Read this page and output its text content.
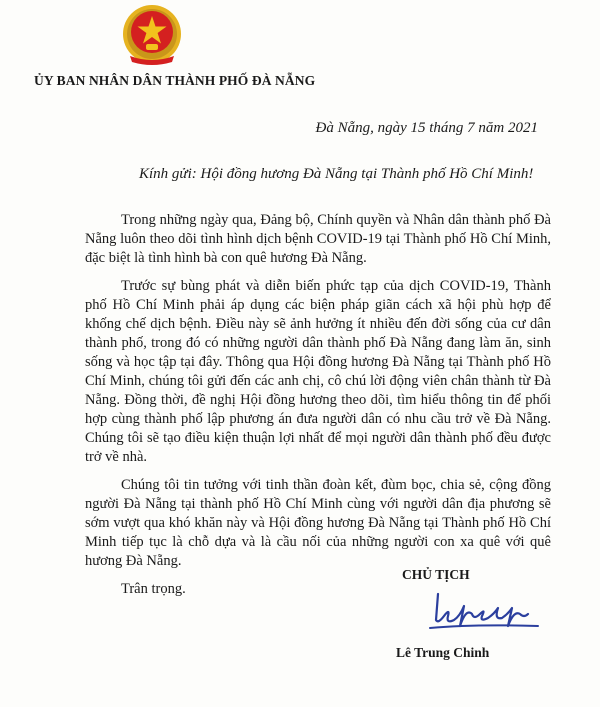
ỦY BAN NHÂN DÂN THÀNH PHỐ ĐÀ NẴNG
Đà Nẵng, ngày 15 tháng 7 năm 2021
Kính gửi: Hội đồng hương Đà Nẵng tại Thành phố Hồ Chí Minh!

Trong những ngày qua, Đảng bộ, Chính quyền và Nhân dân thành phố Đà Nẵng luôn theo dõi tình hình dịch bệnh COVID-19 tại Thành phố Hồ Chí Minh, đặc biệt là tình hình bà con quê hương Đà Nẵng.

Trước sự bùng phát và diễn biến phức tạp của dịch COVID-19, Thành phố Hồ Chí Minh phải áp dụng các biện pháp giãn cách xã hội phù hợp để khống chế dịch bệnh. Điều này sẽ ảnh hưởng ít nhiều đến đời sống của cư dân thành phố, trong đó có những người dân thành phố Đà Nẵng đang làm ăn, sinh sống và học tập tại đây. Thông qua Hội đồng hương Đà Nẵng tại Thành phố Hồ Chí Minh, chúng tôi gửi đến các anh chị, cô chú lời động viên chân thành từ Đà Nẵng. Đồng thời, đề nghị Hội đồng hương theo dõi, tìm hiểu thông tin để phối hợp cùng thành phố lập phương án đưa người dân có nhu cầu trở về Đà Nẵng. Chúng tôi sẽ tạo điều kiện thuận lợi nhất để mọi người dân thành phố đều được trở về nhà.

Chúng tôi tin tưởng với tinh thần đoàn kết, đùm bọc, chia sẻ, cộng đồng người Đà Nẵng tại thành phố Hồ Chí Minh cùng với người dân địa phương sẽ sớm vượt qua khó khăn này và Hội đồng hương Đà Nẵng tại Thành phố Hồ Chí Minh tiếp tục là chỗ dựa và là cầu nối của những người con xa quê với quê hương Đà Nẵng.

Trân trọng.

CHỦ TỊCH
Lê Trung Chinh
